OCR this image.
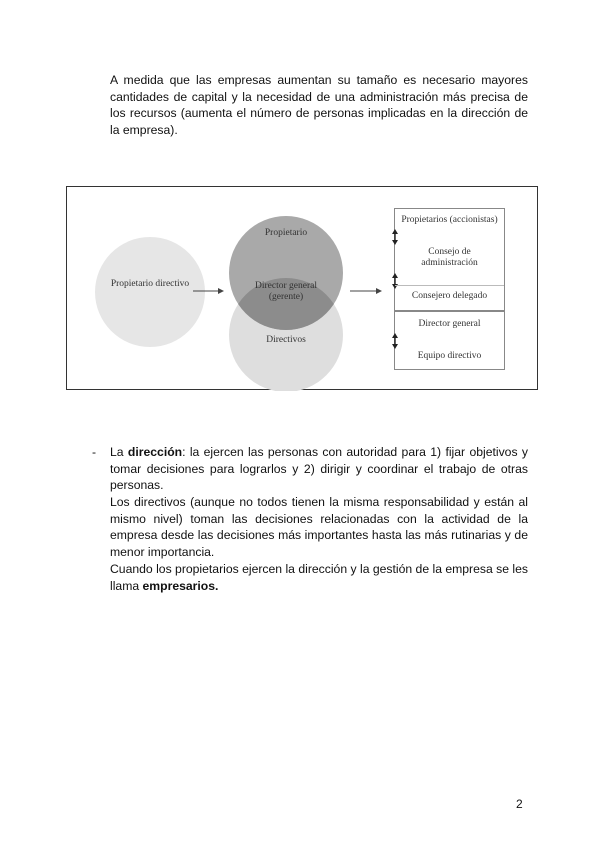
A medida que las empresas aumentan su tamaño es necesario mayores cantidades de capital y la necesidad de una administración más precisa de los recursos (aumenta el número de personas implicadas en la dirección de la empresa).

Propietario directivo

Propietario

Director general (gerente)

Directivos

Propietarios (accionistas)

Consejo de administración

Consejero delegado

Director general

Equipo directivo

- La dirección: la ejercen las personas con autoridad para 1) fijar objetivos y tomar decisiones para lograrlos y 2) dirigir y coordinar el trabajo de otras personas.

Los directivos (aunque no todos tienen la misma responsabilidad y están al mismo nivel) toman las decisiones relacionadas con la actividad de la empresa desde las decisiones más importantes hasta las más rutinarias y de menor importancia.

Cuando los propietarios ejercen la dirección y la gestión de la empresa se les llama empresarios.

2
